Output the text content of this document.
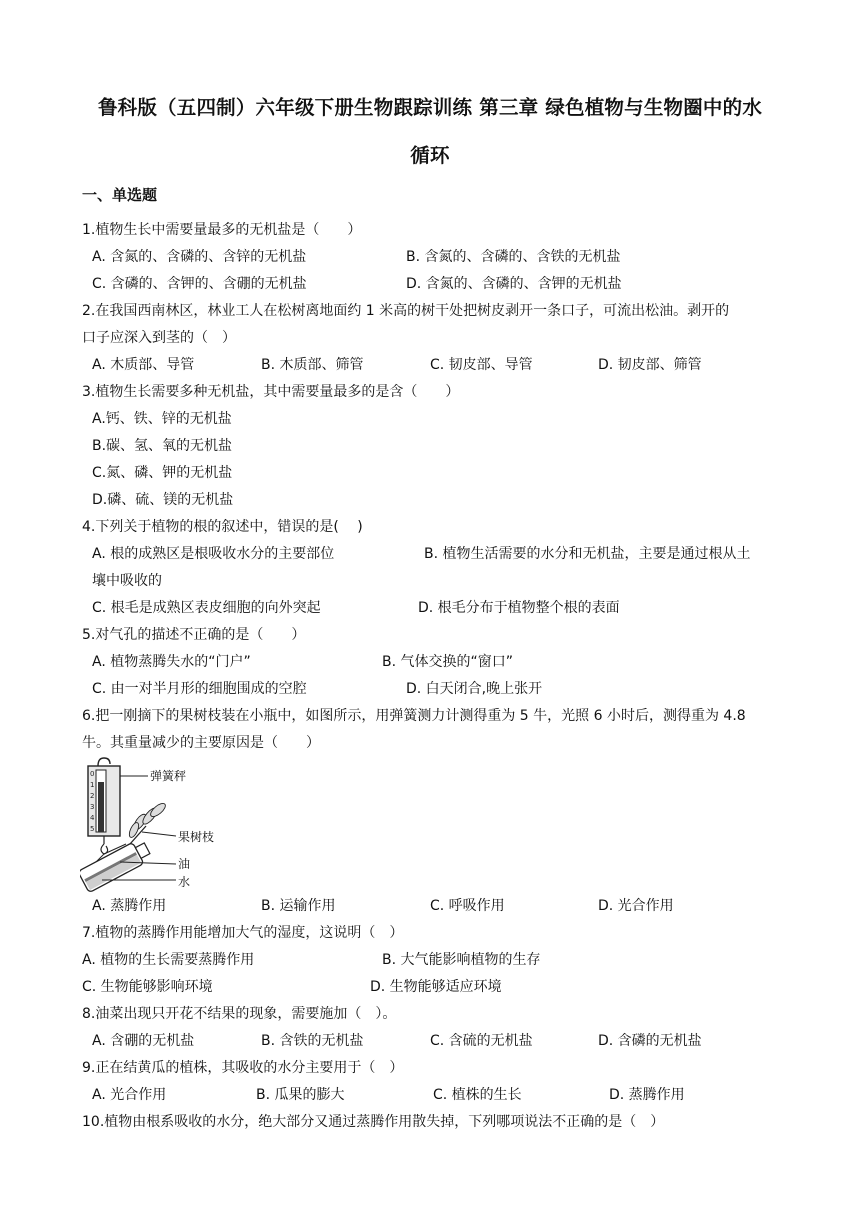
鲁科版（五四制）六年级下册生物跟踪训练 第三章 绿色植物与生物圈中的水
循环
一、单选题
1.植物生长中需要量最多的无机盐是（　　）
A. 含氮的、含磷的、含锌的无机盐	B. 含氮的、含磷的、含铁的无机盐
C. 含磷的、含钾的、含硼的无机盐	D. 含氮的、含磷的、含钾的无机盐
2.在我国西南林区，林业工人在松树离地面约 1 米高的树干处把树皮剥开一条口子，可流出松油。剥开的
口子应深入到茎的（　）
A. 木质部、导管	B. 木质部、筛管	C. 韧皮部、导管	D. 韧皮部、筛管
3.植物生长需要多种无机盐，其中需要量最多的是含（　　）
A.钙、铁、锌的无机盐
B.碳、氢、氧的无机盐
C.氮、磷、钾的无机盐
D.磷、硫、镁的无机盐
4.下列关于植物的根的叙述中，错误的是(　 )
A. 根的成熟区是根吸收水分的主要部位	B. 植物生活需要的水分和无机盐，主要是通过根从土
壤中吸收的
C. 根毛是成熟区表皮细胞的向外突起	D. 根毛分布于植物整个根的表面
5.对气孔的描述不正确的是（　　）
A. 植物蒸腾失水的“门户”	B. 气体交换的“窗口”
C. 由一对半月形的细胞围成的空腔	D. 白天闭合,晚上张开
6.把一刚摘下的果树枝装在小瓶中，如图所示，用弹簧测力计测得重为 5 牛，光照 6 小时后，测得重为 4.8
牛。其重量减少的主要原因是（　　）
0
1
2
3
4
5
弹簧秤
果树枝
油
水
A. 蒸腾作用	B. 运输作用	C. 呼吸作用	D. 光合作用
7.植物的蒸腾作用能增加大气的湿度，这说明（　）
A. 植物的生长需要蒸腾作用	B. 大气能影响植物的生存
C. 生物能够影响环境	D. 生物能够适应环境
8.油菜出现只开花不结果的现象，需要施加（　）。
A. 含硼的无机盐	B. 含铁的无机盐	C. 含硫的无机盐	D. 含磷的无机盐
9.正在结黄瓜的植株，其吸收的水分主要用于（　）
A. 光合作用	B. 瓜果的膨大	C. 植株的生长	D. 蒸腾作用
10.植物由根系吸收的水分，绝大部分又通过蒸腾作用散失掉，下列哪项说法不正确的是（　）
